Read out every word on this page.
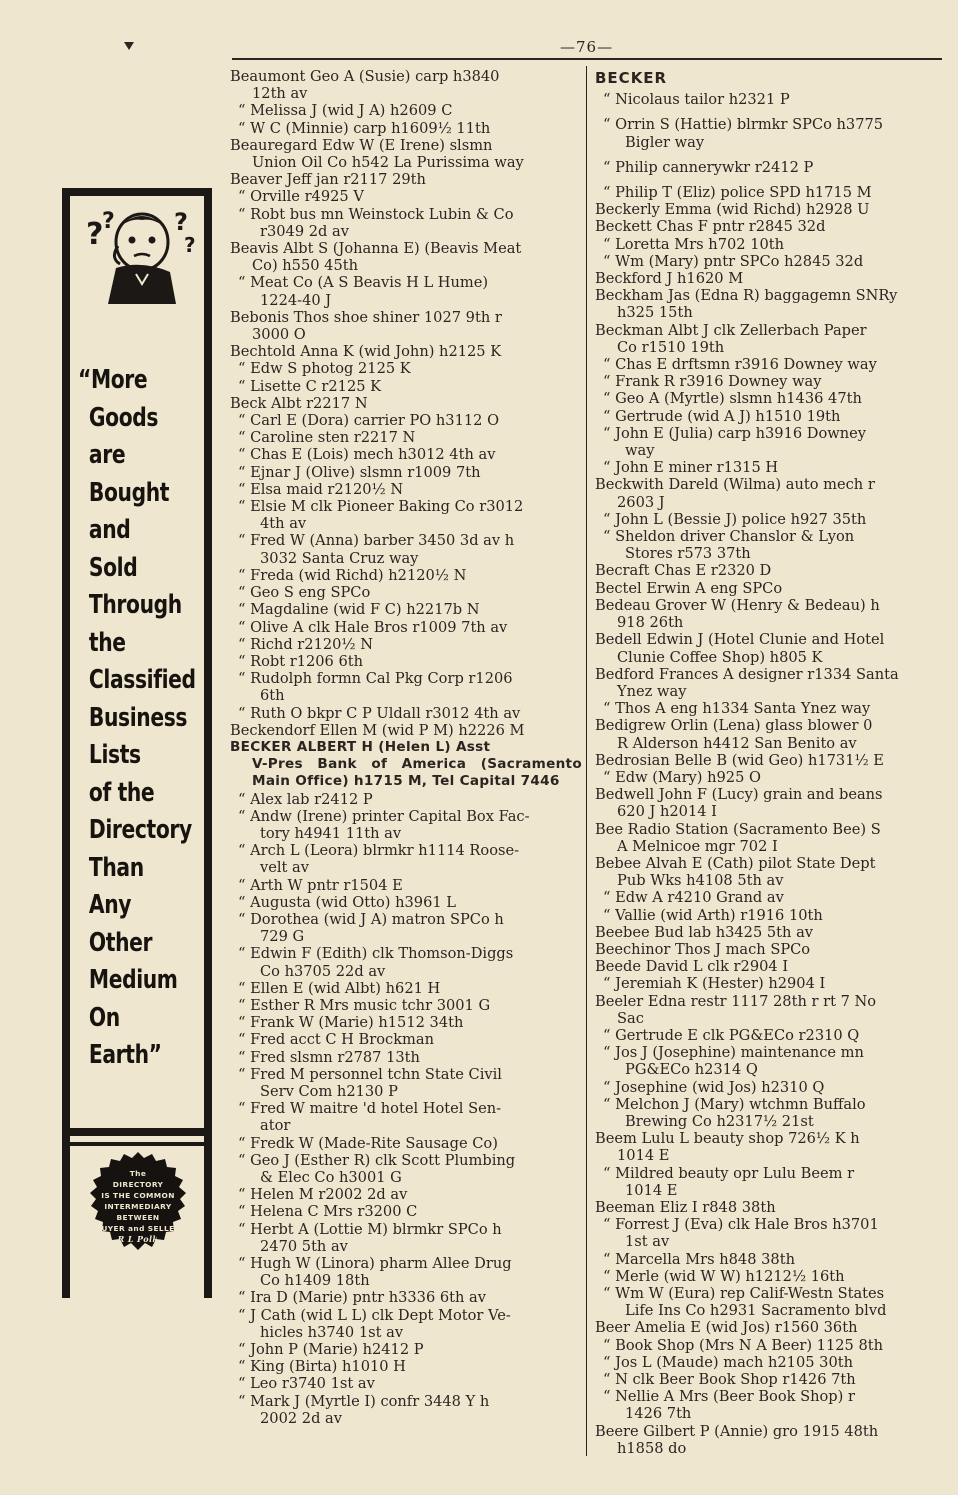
—76—
?
? ?
?
“More
Goods
are
Bought
and
Sold
Through
the
Classified
Business
Lists
of the
Directory
Than
Any
Other
Medium
On
Earth”
The
DIRECTORY
IS THE COMMON
INTERMEDIARY
BETWEEN
BUYER and SELLER
R L Polk
Beaumont Geo A (Susie) carp h3840
12th av
“ Melissa J (wid J A) h2609 C
“ W C (Minnie) carp h1609½ 11th
Beauregard Edw W (E Irene) slsmn
Union Oil Co h542 La Purissima way
Beaver Jeff jan r2117 29th
“ Orville r4925 V
“ Robt bus mn Weinstock Lubin & Co
r3049 2d av
Beavis Albt S (Johanna E) (Beavis Meat
Co) h550 45th
“ Meat Co (A S Beavis H L Hume)
1224-40 J
Bebonis Thos shoe shiner 1027 9th r
3000 O
Bechtold Anna K (wid John) h2125 K
“ Edw S photog 2125 K
“ Lisette C r2125 K
Beck Albt r2217 N
“ Carl E (Dora) carrier PO h3112 O
“ Caroline sten r2217 N
“ Chas E (Lois) mech h3012 4th av
“ Ejnar J (Olive) slsmn r1009 7th
“ Elsa maid r2120½ N
“ Elsie M clk Pioneer Baking Co r3012
4th av
“ Fred W (Anna) barber 3450 3d av h
3032 Santa Cruz way
“ Freda (wid Richd) h2120½ N
“ Geo S eng SPCo
“ Magdaline (wid F C) h2217b N
“ Olive A clk Hale Bros r1009 7th av
“ Richd r2120½ N
“ Robt r1206 6th
“ Rudolph formn Cal Pkg Corp r1206
6th
“ Ruth O bkpr C P Uldall r3012 4th av
Beckendorf Ellen M (wid P M) h2226 M
BECKER ALBERT H (Helen L) Asst
V-Pres Bank of America (Sacramento Main Office) h1715 M, Tel Capital 7446
“ Alex lab r2412 P
“ Andw (Irene) printer Capital Box Fac-
tory h4941 11th av
“ Arch L (Leora) blrmkr h1114 Roose-
velt av
“ Arth W pntr r1504 E
“ Augusta (wid Otto) h3961 L
“ Dorothea (wid J A) matron SPCo h
729 G
“ Edwin F (Edith) clk Thomson-Diggs
Co h3705 22d av
“ Ellen E (wid Albt) h621 H
“ Esther R Mrs music tchr 3001 G
“ Frank W (Marie) h1512 34th
“ Fred acct C H Brockman
“ Fred slsmn r2787 13th
“ Fred M personnel tchn State Civil
Serv Com h2130 P
“ Fred W maitre 'd hotel Hotel Sen-
ator
“ Fredk W (Made-Rite Sausage Co)
“ Geo J (Esther R) clk Scott Plumbing
& Elec Co h3001 G
“ Helen M r2002 2d av
“ Helena C Mrs r3200 C
“ Herbt A (Lottie M) blrmkr SPCo h
2470 5th av
“ Hugh W (Linora) pharm Allee Drug
Co h1409 18th
“ Ira D (Marie) pntr h3336 6th av
“ J Cath (wid L L) clk Dept Motor Ve-
hicles h3740 1st av
“ John P (Marie) h2412 P
“ King (Birta) h1010 H
“ Leo r3740 1st av
“ Mark J (Myrtle I) confr 3448 Y h
2002 2d av
BECKER
“ Nicolaus tailor h2321 P
“ Orrin S (Hattie) blrmkr SPCo h3775
Bigler way
“ Philip cannerywkr r2412 P
“ Philip T (Eliz) police SPD h1715 M
Beckerly Emma (wid Richd) h2928 U
Beckett Chas F pntr r2845 32d
“ Loretta Mrs h702 10th
“ Wm (Mary) pntr SPCo h2845 32d
Beckford J h1620 M
Beckham Jas (Edna R) baggagemn SNRy
h325 15th
Beckman Albt J clk Zellerbach Paper
Co r1510 19th
“ Chas E drftsmn r3916 Downey way
“ Frank R r3916 Downey way
“ Geo A (Myrtle) slsmn h1436 47th
“ Gertrude (wid A J) h1510 19th
“ John E (Julia) carp h3916 Downey
way
“ John E miner r1315 H
Beckwith Dareld (Wilma) auto mech r
2603 J
“ John L (Bessie J) police h927 35th
“ Sheldon driver Chanslor & Lyon
Stores r573 37th
Becraft Chas E r2320 D
Bectel Erwin A eng SPCo
Bedeau Grover W (Henry & Bedeau) h
918 26th
Bedell Edwin J (Hotel Clunie and Hotel
Clunie Coffee Shop) h805 K
Bedford Frances A designer r1334 Santa
Ynez way
“ Thos A eng h1334 Santa Ynez way
Bedigrew Orlin (Lena) glass blower 0
R Alderson h4412 San Benito av
Bedrosian Belle B (wid Geo) h1731½ E
“ Edw (Mary) h925 O
Bedwell John F (Lucy) grain and beans
620 J h2014 I
Bee Radio Station (Sacramento Bee) S
A Melnicoe mgr 702 I
Bebee Alvah E (Cath) pilot State Dept
Pub Wks h4108 5th av
“ Edw A r4210 Grand av
“ Vallie (wid Arth) r1916 10th
Beebee Bud lab h3425 5th av
Beechinor Thos J mach SPCo
Beede David L clk r2904 I
“ Jeremiah K (Hester) h2904 I
Beeler Edna restr 1117 28th r rt 7 No
Sac
“ Gertrude E clk PG&ECo r2310 Q
“ Jos J (Josephine) maintenance mn
PG&ECo h2314 Q
“ Josephine (wid Jos) h2310 Q
“ Melchon J (Mary) wtchmn Buffalo
Brewing Co h2317½ 21st
Beem Lulu L beauty shop 726½ K h
1014 E
“ Mildred beauty opr Lulu Beem r
1014 E
Beeman Eliz I r848 38th
“ Forrest J (Eva) clk Hale Bros h3701
1st av
“ Marcella Mrs h848 38th
“ Merle (wid W W) h1212½ 16th
“ Wm W (Eura) rep Calif-Westn States
Life Ins Co h2931 Sacramento blvd
Beer Amelia E (wid Jos) r1560 36th
“ Book Shop (Mrs N A Beer) 1125 8th
“ Jos L (Maude) mach h2105 30th
“ N clk Beer Book Shop r1426 7th
“ Nellie A Mrs (Beer Book Shop) r
1426 7th
Beere Gilbert P (Annie) gro 1915 48th
h1858 do
